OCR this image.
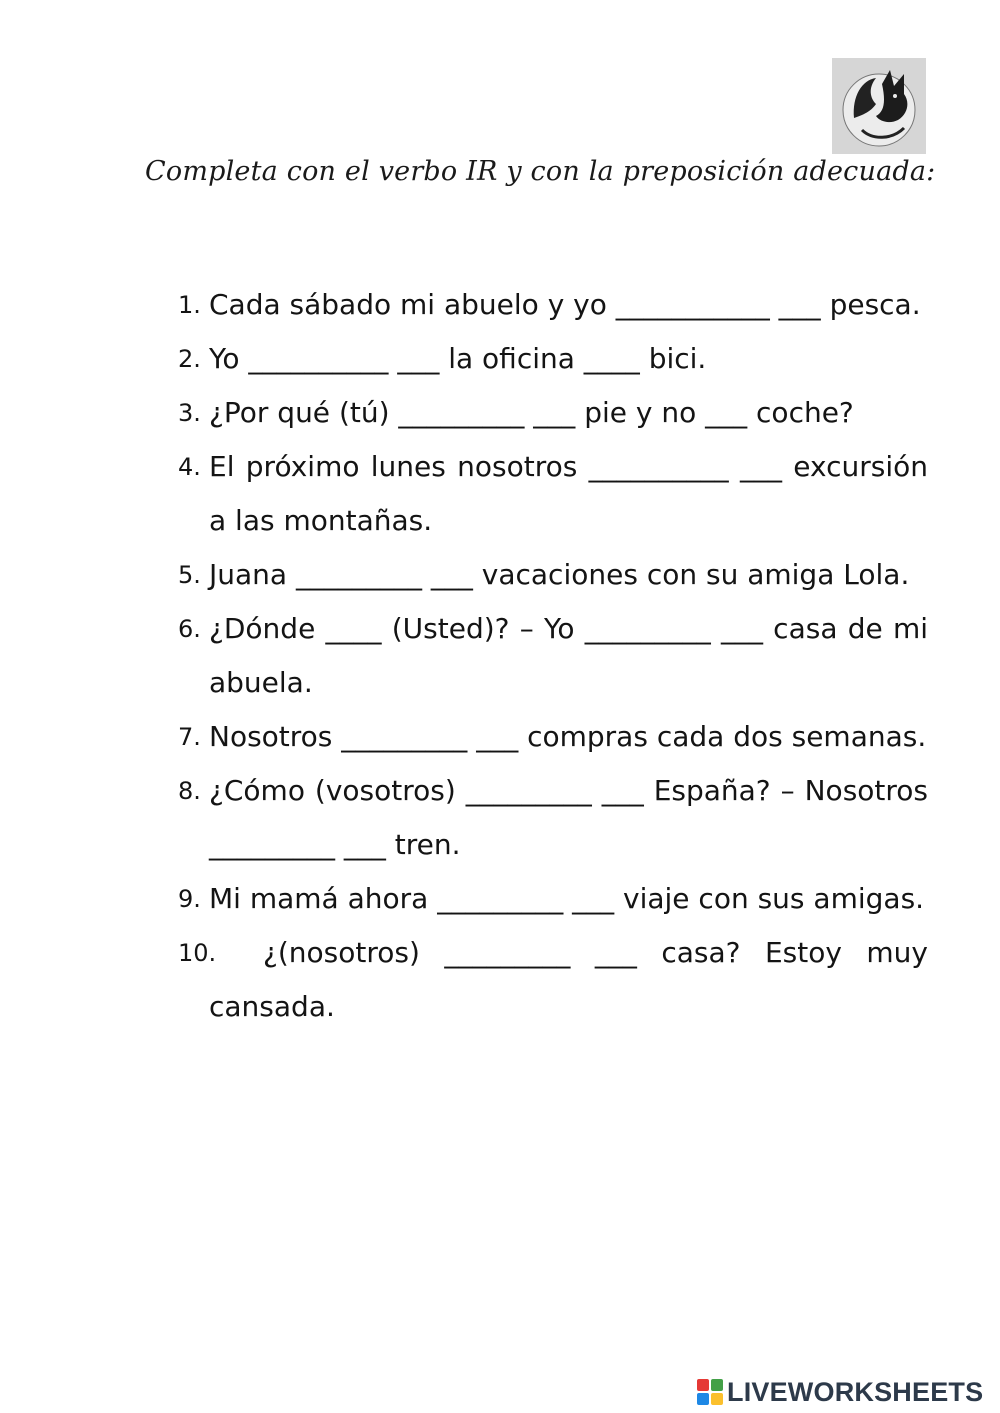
Completa con el verbo IR y con la preposición adecuada:
1. Cada sábado mi abuelo y yo ___________ ___ pesca.
2. Yo __________ ___ la oficina ____ bici.
3. ¿Por qué (tú) _________ ___ pie y no ___ coche?
4. El próximo lunes nosotros __________ ___ excursión a las montañas.
5. Juana _________ ___ vacaciones con su amiga Lola.
6. ¿Dónde ____ (Usted)? – Yo _________ ___ casa de mi abuela.
7. Nosotros _________ ___ compras cada dos semanas.
8. ¿Cómo (vosotros) _________ ___ España? – Nosotros _________ ___ tren.
9. Mi mamá ahora _________ ___ viaje con sus amigas.
10.	¿(nosotros) _________ ___ casa? Estoy muy cansada.
LIVEWORKSHEETS
